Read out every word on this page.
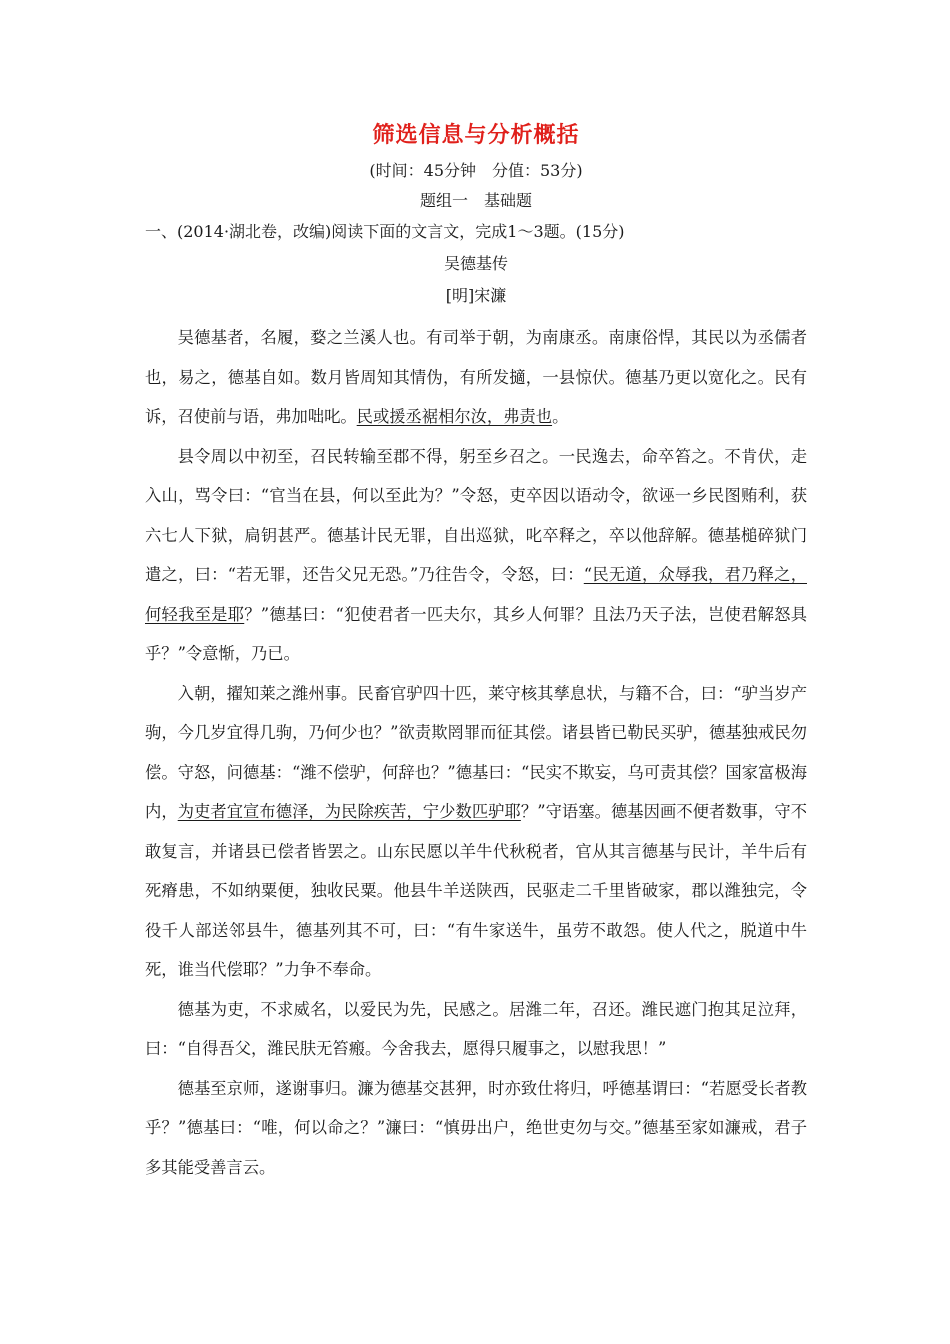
筛选信息与分析概括

(时间：45分钟　分值：53分)

题组一　基础题

一、(2014·湖北卷，改编)阅读下面的文言文，完成1～3题。(15分)

吴德基传

[明]宋濂

吴德基者，名履，婺之兰溪人也。有司举于朝，为南康丞。南康俗悍，其民以为丞儒者也，易之，德基自如。数月皆周知其情伪，有所发擿，一县惊伏。德基乃更以宽化之。民有诉，召使前与语，弗加咄叱。民或援丞裾相尔汝，弗责也。

县令周以中初至，召民转输至郡不得，躬至乡召之。一民逸去，命卒笞之。不肯伏，走入山，骂令曰：“官当在县，何以至此为？”令怒，吏卒因以语动令，欲诬一乡民图贿利，获六七人下狱，扃钥甚严。德基计民无罪，自出巡狱，叱卒释之，卒以他辞解。德基槌碎狱门遣之，曰：“若无罪，还告父兄无恐。”乃往告令，令怒，曰：“民无道，众辱我，君乃释之，何轻我至是耶？”德基曰：“犯使君者一匹夫尔，其乡人何罪？且法乃天子法，岂使君解怒具乎？”令意惭，乃已。

入朝，擢知莱之潍州事。民畜官驴四十匹，莱守核其孳息状，与籍不合，曰：“驴当岁产驹，今几岁宜得几驹，乃何少也？”欲责欺罔罪而征其偿。诸县皆已勒民买驴，德基独戒民勿偿。守怒，问德基：“潍不偿驴，何辞也？”德基曰：“民实不欺妄，乌可责其偿？国家富极海内，为吏者宜宣布德泽，为民除疾苦，宁少数匹驴耶？”守语塞。德基因画不便者数事，守不敢复言，并诸县已偿者皆罢之。山东民愿以羊牛代秋税者，官从其言德基与民计，羊牛后有死瘠患，不如纳粟便，独收民粟。他县牛羊送陕西，民驱走二千里皆破家，郡以潍独完，令役千人部送邻县牛，德基列其不可，曰：“有牛家送牛，虽劳不敢怨。使人代之，脱道中牛死，谁当代偿耶？”力争不奉命。

德基为吏，不求威名，以爱民为先，民感之。居潍二年，召还。潍民遮门抱其足泣拜，曰：“自得吾父，潍民肤无笞瘢。今舍我去，愿得只履事之，以慰我思！”

德基至京师，遂谢事归。濂为德基交甚狎，时亦致仕将归，呼德基谓曰：“若愿受长者教乎？”德基曰：“唯，何以命之？”濂曰：“慎毋出户，绝世吏勿与交。”德基至家如濂戒，君子多其能受善言云。
